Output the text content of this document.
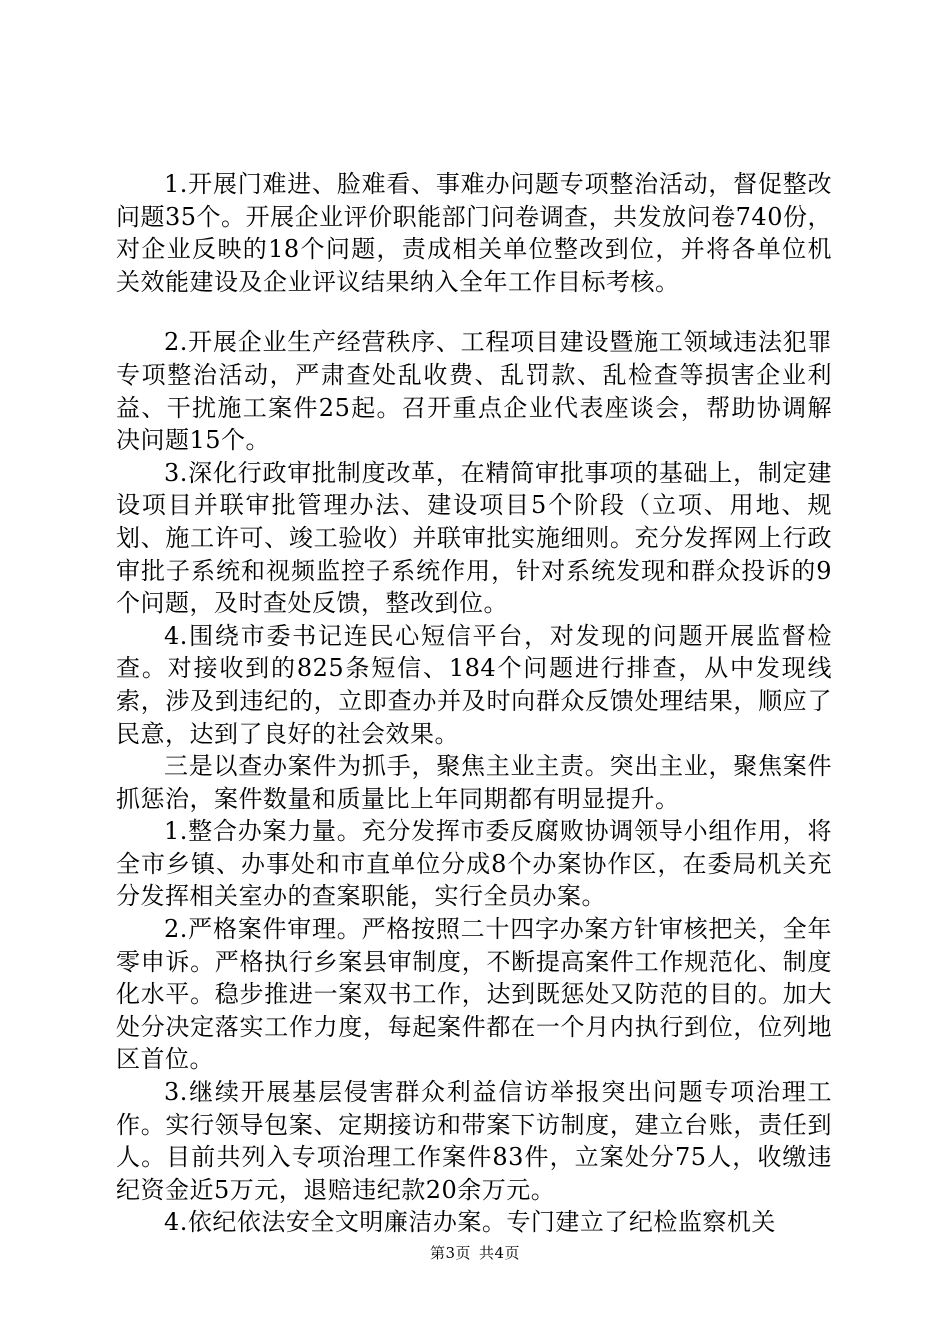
1.开展门难进、脸难看、事难办问题专项整治活动，督促整改问题35个。开展企业评价职能部门问卷调查，共发放问卷740份，对企业反映的18个问题，责成相关单位整改到位，并将各单位机关效能建设及企业评议结果纳入全年工作目标考核。

2.开展企业生产经营秩序、工程项目建设暨施工领域违法犯罪专项整治活动，严肃查处乱收费、乱罚款、乱检查等损害企业利益、干扰施工案件25起。召开重点企业代表座谈会，帮助协调解决问题15个。

3.深化行政审批制度改革，在精简审批事项的基础上，制定建设项目并联审批管理办法、建设项目5个阶段（立项、用地、规划、施工许可、竣工验收）并联审批实施细则。充分发挥网上行政审批子系统和视频监控子系统作用，针对系统发现和群众投诉的9个问题，及时查处反馈，整改到位。

4.围绕市委书记连民心短信平台，对发现的问题开展监督检查。对接收到的825条短信、184个问题进行排查，从中发现线索，涉及到违纪的，立即查办并及时向群众反馈处理结果，顺应了民意，达到了良好的社会效果。

三是以查办案件为抓手，聚焦主业主责。突出主业，聚焦案件抓惩治，案件数量和质量比上年同期都有明显提升。

1.整合办案力量。充分发挥市委反腐败协调领导小组作用，将全市乡镇、办事处和市直单位分成8个办案协作区，在委局机关充分发挥相关室办的查案职能，实行全员办案。

2.严格案件审理。严格按照二十四字办案方针审核把关，全年零申诉。严格执行乡案县审制度，不断提高案件工作规范化、制度化水平。稳步推进一案双书工作，达到既惩处又防范的目的。加大处分决定落实工作力度，每起案件都在一个月内执行到位，位列地区首位。

3.继续开展基层侵害群众利益信访举报突出问题专项治理工作。实行领导包案、定期接访和带案下访制度，建立台账，责任到人。目前共列入专项治理工作案件83件，立案处分75人，收缴违纪资金近5万元，退赔违纪款20余万元。

4.依纪依法安全文明廉洁办案。专门建立了纪检监察机关

第3页 共4页
